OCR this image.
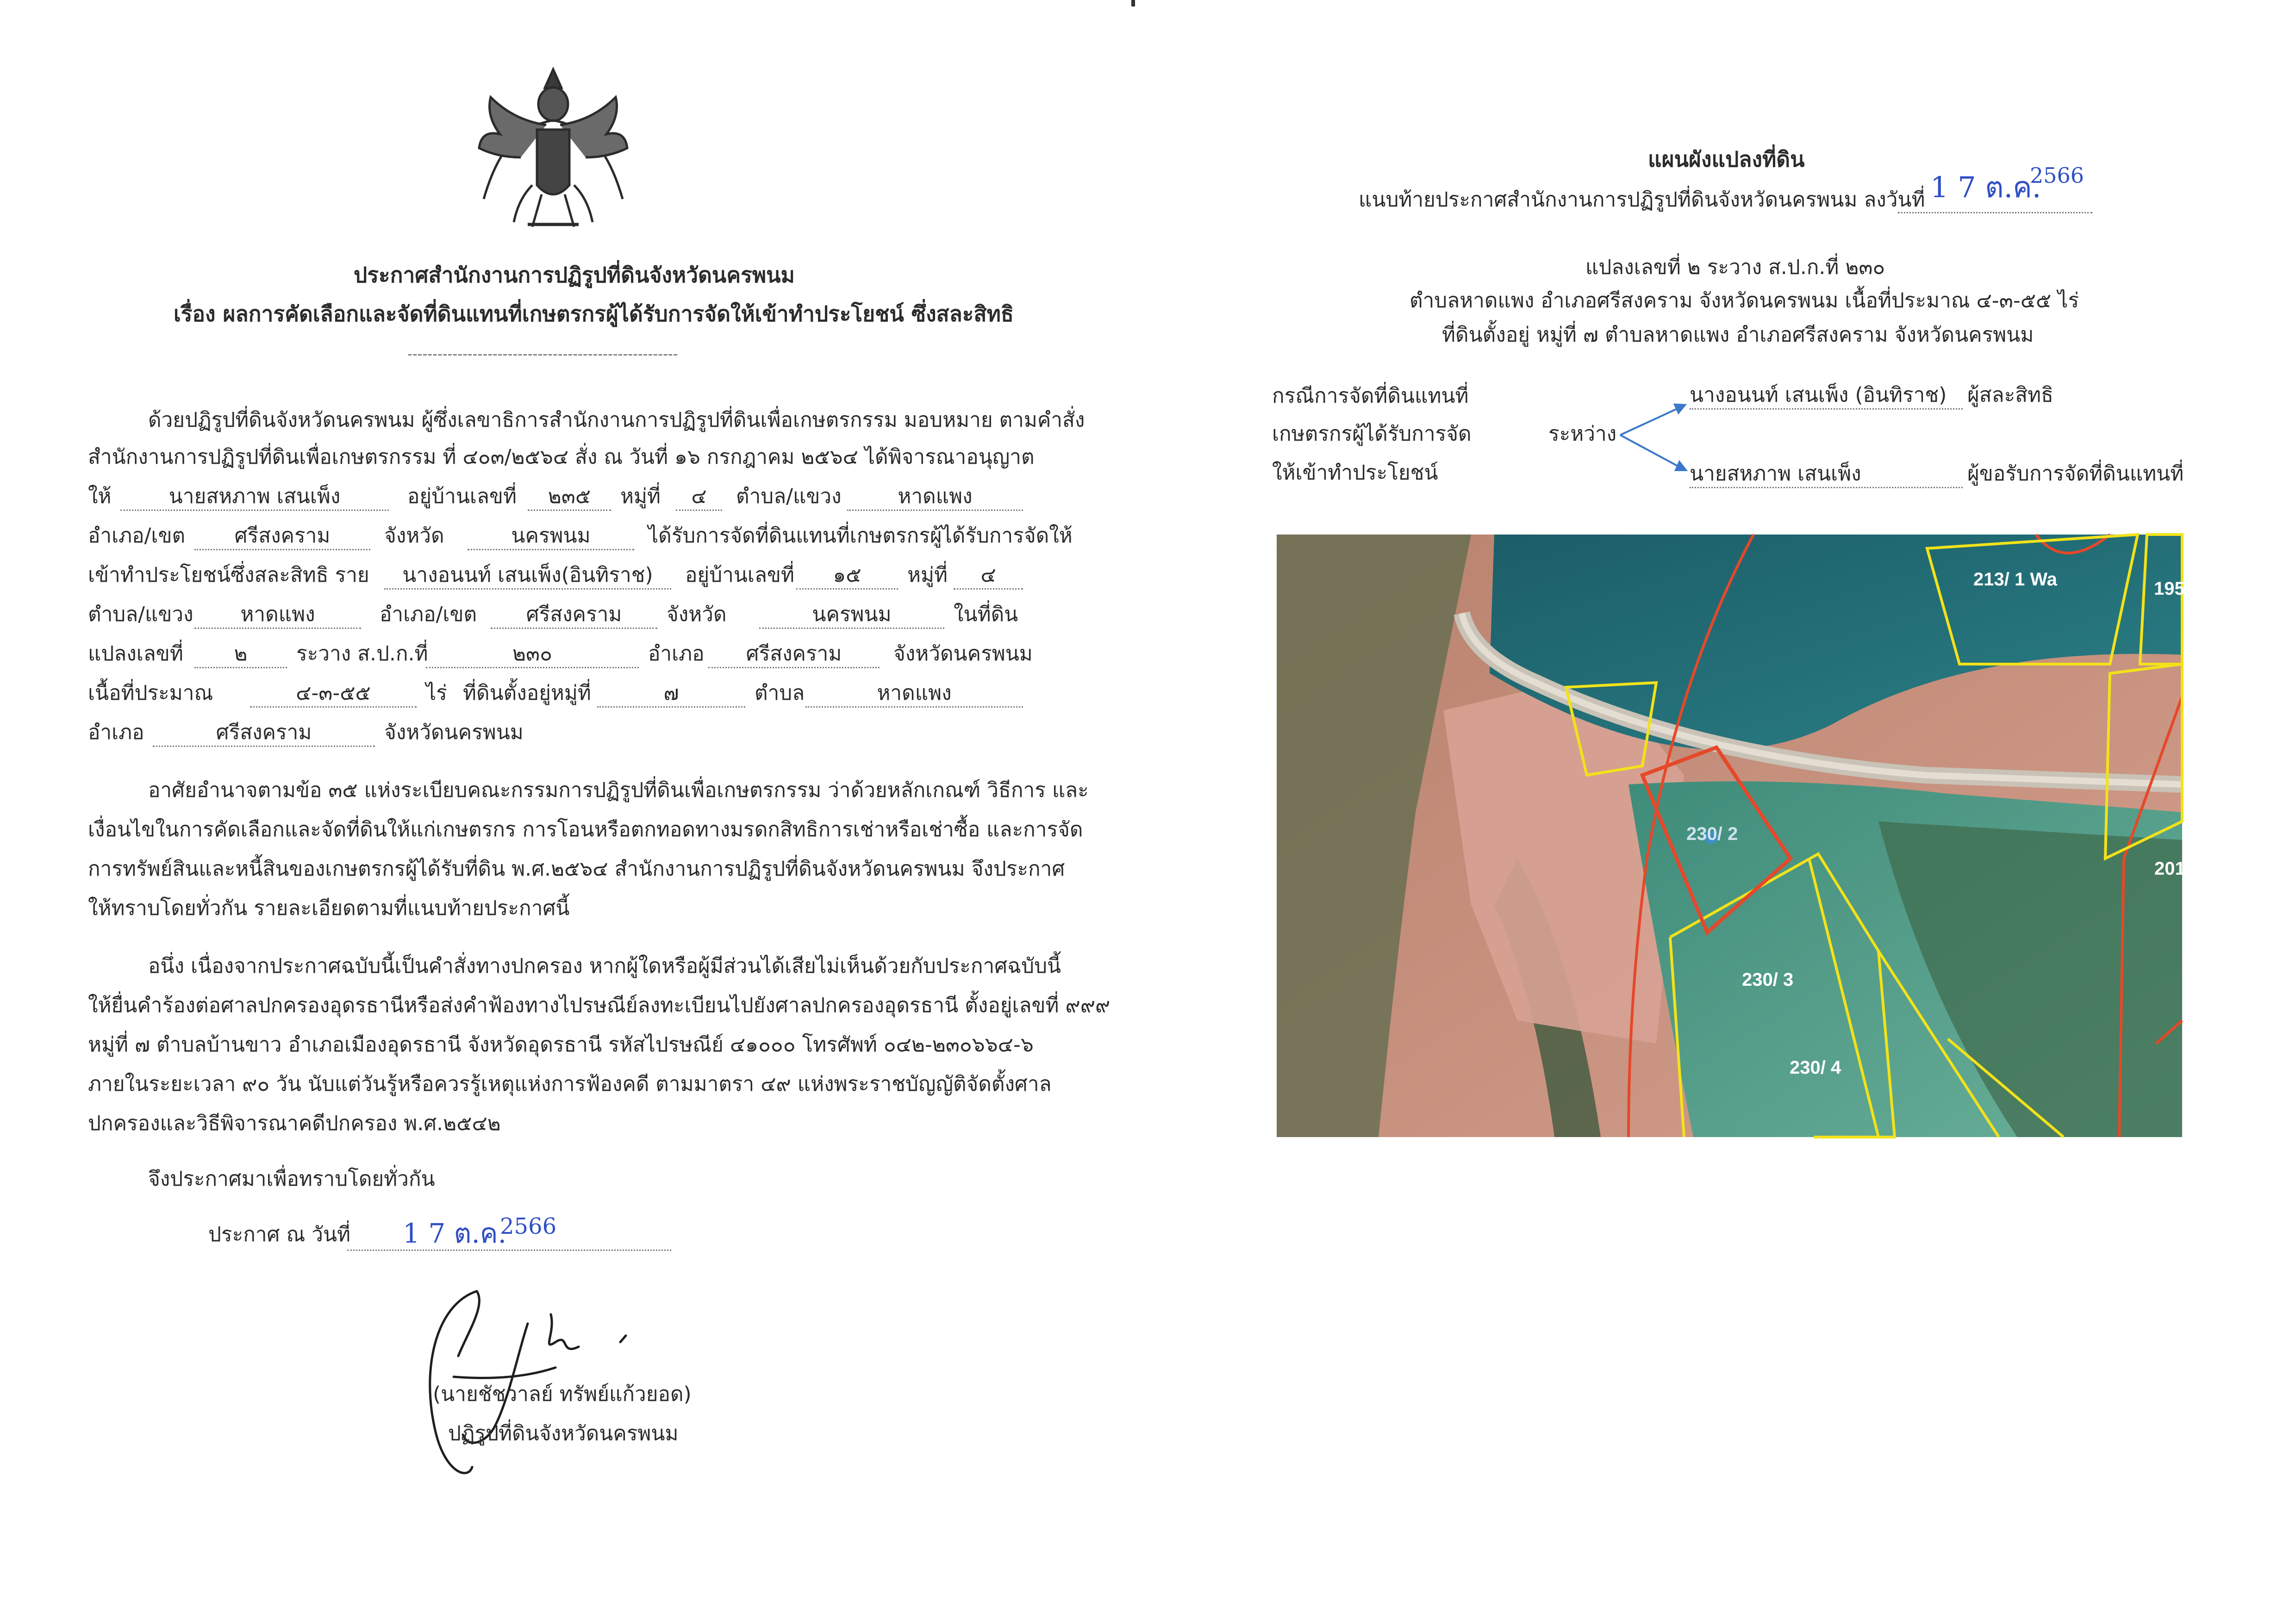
ประกาศสำนักงานการปฏิรูปที่ดินจังหวัดนครพนม
เรื่อง ผลการคัดเลือกและจัดที่ดินแทนที่เกษตรกรผู้ได้รับการจัดให้เข้าทำประโยชน์ ซึ่งสละสิทธิ
------------------------------------------------------
ด้วยปฏิรูปที่ดินจังหวัดนครพนม ผู้ซึ่งเลขาธิการสำนักงานการปฏิรูปที่ดินเพื่อเกษตรกรรม มอบหมาย ตามคำสั่ง
สำนักงานการปฏิรูปที่ดินเพื่อเกษตรกรรม ที่ ๔๐๓/๒๕๖๔ สั่ง ณ วันที่ ๑๖ กรกฎาคม ๒๕๖๔ ได้พิจารณาอนุญาต
ให้	นายสหภาพ เสนเพ็ง	อยู่บ้านเลขที่	๒๓๕	หมู่ที่	๔	ตำบล/แขวง	หาดแพง
อำเภอ/เขต	ศรีสงคราม	จังหวัด	นครพนม	ได้รับการจัดที่ดินแทนที่เกษตรกรผู้ได้รับการจัดให้
เข้าทำประโยชน์ซึ่งสละสิทธิ ราย	นางอนนท์ เสนเพ็ง(อินทิราช)	อยู่บ้านเลขที่	๑๕	หมู่ที่	๔
ตำบล/แขวง	หาดแพง	อำเภอ/เขต	ศรีสงคราม	จังหวัด	นครพนม	ในที่ดิน
แปลงเลขที่	๒	ระวาง ส.ป.ก.ที่	๒๓๐	อำเภอ	ศรีสงคราม	จังหวัดนครพนม
เนื้อที่ประมาณ	๔-๓-๕๕	ไร่ ที่ดินตั้งอยู่หมู่ที่	๗	ตำบล	หาดแพง
อำเภอ	ศรีสงคราม	จังหวัดนครพนม
อาศัยอำนาจตามข้อ ๓๕ แห่งระเบียบคณะกรรมการปฏิรูปที่ดินเพื่อเกษตรกรรม ว่าด้วยหลักเกณฑ์ วิธีการ และ
เงื่อนไขในการคัดเลือกและจัดที่ดินให้แก่เกษตรกร การโอนหรือตกทอดทางมรดกสิทธิการเช่าหรือเช่าซื้อ และการจัด
การทรัพย์สินและหนี้สินของเกษตรกรผู้ได้รับที่ดิน พ.ศ.๒๕๖๔ สำนักงานการปฏิรูปที่ดินจังหวัดนครพนม จึงประกาศ
ให้ทราบโดยทั่วกัน รายละเอียดตามที่แนบท้ายประกาศนี้
อนึ่ง เนื่องจากประกาศฉบับนี้เป็นคำสั่งทางปกครอง หากผู้ใดหรือผู้มีส่วนได้เสียไม่เห็นด้วยกับประกาศฉบับนี้
ให้ยื่นคำร้องต่อศาลปกครองอุดรธานีหรือส่งคำฟ้องทางไปรษณีย์ลงทะเบียนไปยังศาลปกครองอุดรธานี ตั้งอยู่เลขที่ ๙๙๙
หมู่ที่ ๗ ตำบลบ้านขาว อำเภอเมืองอุดรธานี จังหวัดอุดรธานี รหัสไปรษณีย์ ๔๑๐๐๐ โทรศัพท์ ๐๔๒-๒๓๐๖๖๔-๖
ภายในระยะเวลา ๙๐ วัน นับแต่วันรู้หรือควรรู้เหตุแห่งการฟ้องคดี ตามมาตรา ๔๙ แห่งพระราชบัญญัติจัดตั้งศาล
ปกครองและวิธีพิจารณาคดีปกครอง พ.ศ.๒๕๔๒
จึงประกาศมาเพื่อทราบโดยทั่วกัน
ประกาศ ณ วันที่ 1 7 ต.ค.
2566
(นายชัชวาลย์ ทรัพย์แก้วยอด)
ปฏิรูปที่ดินจังหวัดนครพนม
แผนผังแปลงที่ดิน
แนบท้ายประกาศสำนักงานการปฏิรูปที่ดินจังหวัดนครพนม ลงวันที่ 1 7 ต.ค.
2566
แปลงเลขที่ ๒ ระวาง ส.ป.ก.ที่ ๒๓๐
ตำบลหาดแพง อำเภอศรีสงคราม จังหวัดนครพนม เนื้อที่ประมาณ ๔-๓-๕๕ ไร่
ที่ดินตั้งอยู่ หมู่ที่ ๗ ตำบลหาดแพง อำเภอศรีสงคราม จังหวัดนครพนม
กรณีการจัดที่ดินแทนที่
เกษตรกรผู้ได้รับการจัด
ให้เข้าทำประโยชน์
ระหว่าง
นางอนนท์ เสนเพ็ง (อินทิราช)	ผู้สละสิทธิ
นายสหภาพ เสนเพ็ง	ผู้ขอรับการจัดที่ดินแทนที่
213/ 1 Wa	195
201
230/ 2
230/ 3
230/ 4
